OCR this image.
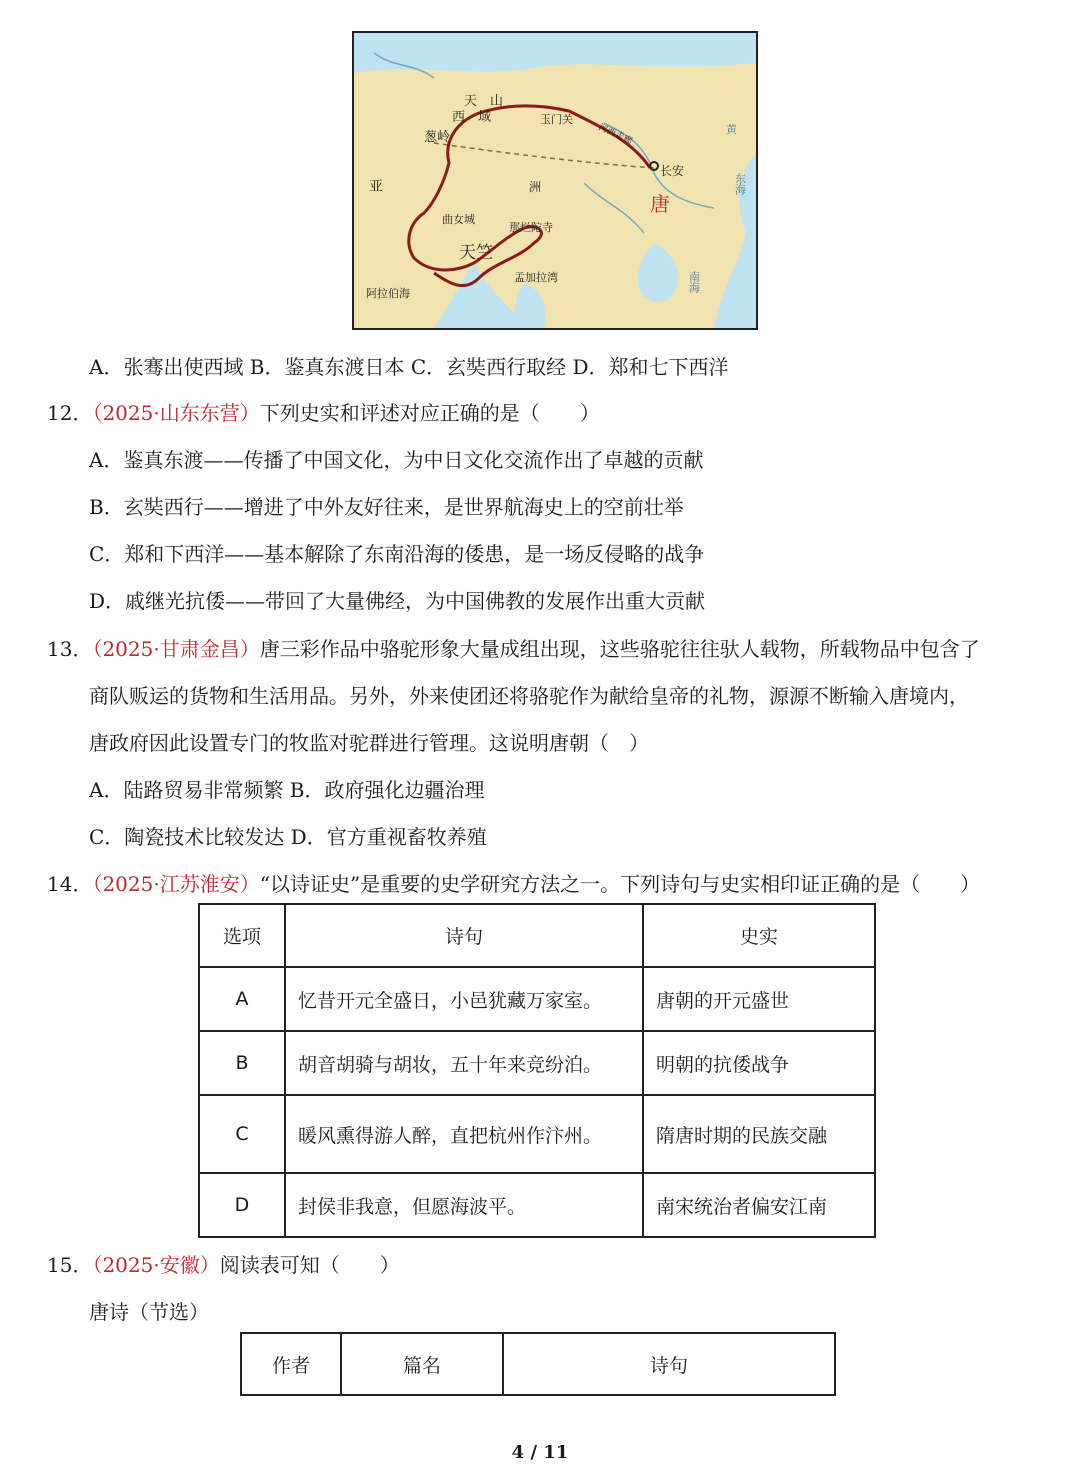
天　山
西　域	玉门关
河西走廊
葱岭
长安
唐
亚	洲
曲女城
那烂陀寺
天竺
孟加拉湾
阿拉伯海
东海
南海
黄
A．张骞出使西域 B．鉴真东渡日本 C．玄奘西行取经 D．郑和七下西洋
12．（2025·山东东营）下列史实和评述对应正确的是（　　）
A．鉴真东渡——传播了中国文化，为中日文化交流作出了卓越的贡献
B．玄奘西行——增进了中外友好往来，是世界航海史上的空前壮举
C．郑和下西洋——基本解除了东南沿海的倭患，是一场反侵略的战争
D．戚继光抗倭——带回了大量佛经，为中国佛教的发展作出重大贡献
13．（2025·甘肃金昌）唐三彩作品中骆驼形象大量成组出现，这些骆驼往往驮人载物，所载物品中包含了
商队贩运的货物和生活用品。另外，外来使团还将骆驼作为献给皇帝的礼物，源源不断输入唐境内，
唐政府因此设置专门的牧监对驼群进行管理。这说明唐朝（　）
A．陆路贸易非常频繁 B．政府强化边疆治理
C．陶瓷技术比较发达 D．官方重视畜牧养殖
14．（2025·江苏淮安）“以诗证史”是重要的史学研究方法之一。下列诗句与史实相印证正确的是（　　）
选项	诗句	史实
A	忆昔开元全盛日，小邑犹藏万家室。	唐朝的开元盛世
B	胡音胡骑与胡妆，五十年来竞纷泊。	明朝的抗倭战争
C	暖风熏得游人醉，直把杭州作汴州。	隋唐时期的民族交融
D	封侯非我意，但愿海波平。	南宋统治者偏安江南
15．（2025·安徽）阅读表可知（　　）
唐诗（节选）
作者	篇名	诗句
4 / 11
